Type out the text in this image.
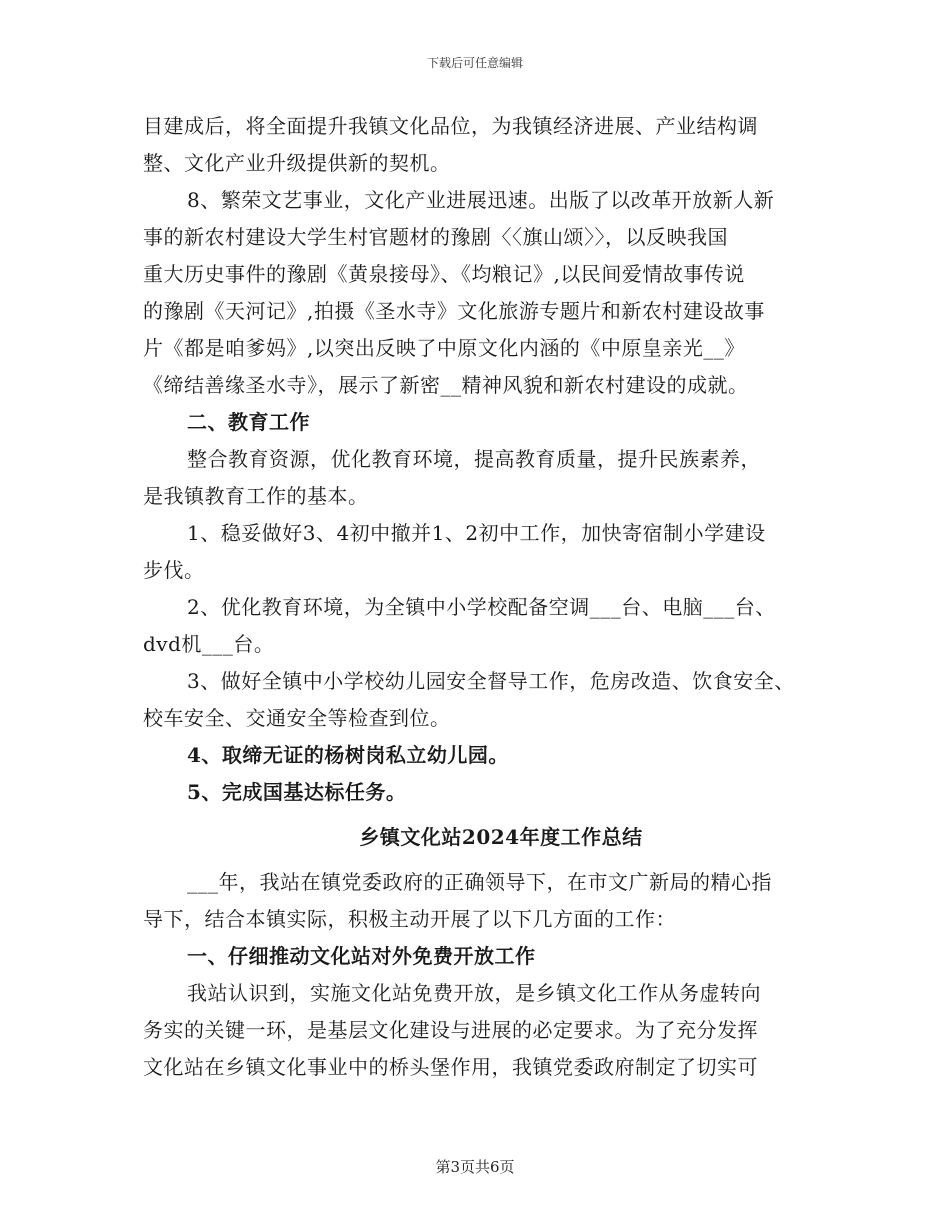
下载后可任意编辑
目建成后，将全面提升我镇文化品位，为我镇经济进展、产业结构调
整、文化产业升级提供新的契机。
8、繁荣文艺事业，文化产业进展迅速。出版了以改革开放新人新
事的新农村建设大学生村官题材的豫剧〈〈旗山颂〉〉，以反映我国
重大历史事件的豫剧《黄泉接母》、《均粮记》,以民间爱情故事传说
的豫剧《天河记》,拍摄《圣水寺》文化旅游专题片和新农村建设故事
片《都是咱爹妈》,以突出反映了中原文化内涵的《中原皇亲光__》
《缔结善缘圣水寺》，展示了新密__精神风貌和新农村建设的成就。
二、教育工作
整合教育资源，优化教育环境，提高教育质量，提升民族素养，
是我镇教育工作的基本。
1、稳妥做好3、4初中撤并1、2初中工作，加快寄宿制小学建设
步伐。
2、优化教育环境，为全镇中小学校配备空调___台、电脑___台、
dvd机___台。
3、做好全镇中小学校幼儿园安全督导工作，危房改造、饮食安全、
校车安全、交通安全等检查到位。
4、取缔无证的杨树岗私立幼儿园。
5、完成国基达标任务。
乡镇文化站2024年度工作总结
___年，我站在镇党委政府的正确领导下，在市文广新局的精心指
导下，结合本镇实际，积极主动开展了以下几方面的工作：
一、仔细推动文化站对外免费开放工作
我站认识到，实施文化站免费开放，是乡镇文化工作从务虚转向
务实的关键一环，是基层文化建设与进展的必定要求。为了充分发挥
文化站在乡镇文化事业中的桥头堡作用，我镇党委政府制定了切实可
第3页共6页
